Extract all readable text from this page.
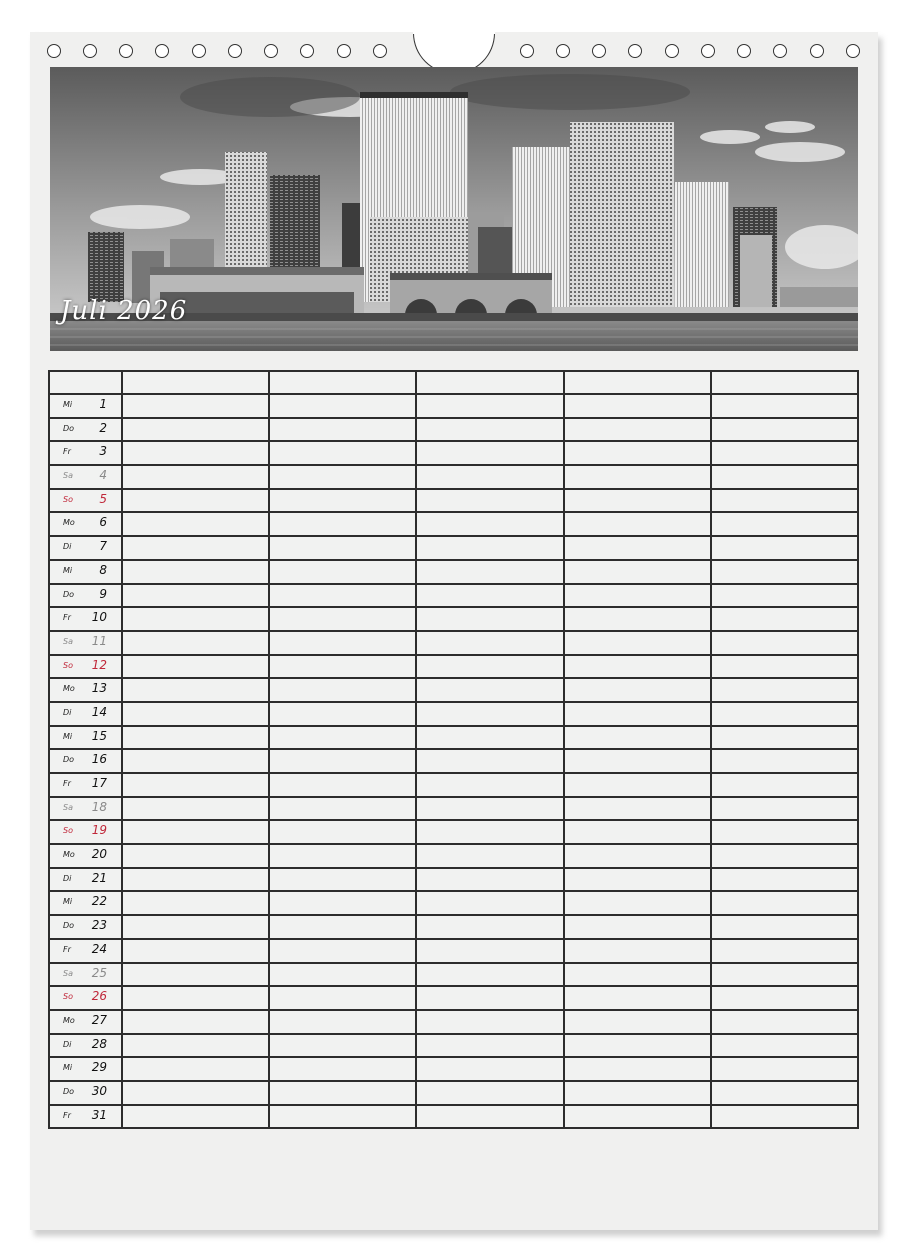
Juli 2026

Mi 1					

Do 2					

Fr 3					

Sa 4					

So 5					

Mo 6					

Di 7					

Mi 8					

Do 9					

Fr 10					

Sa 11					

So 12					

Mo 13					

Di 14					

Mi 15					

Do 16					

Fr 17					

Sa 18					

So 19					

Mo 20					

Di 21					

Mi 22					

Do 23					

Fr 24					

Sa 25					

So 26					

Mo 27					

Di 28					

Mi 29					

Do 30					

Fr 31					
